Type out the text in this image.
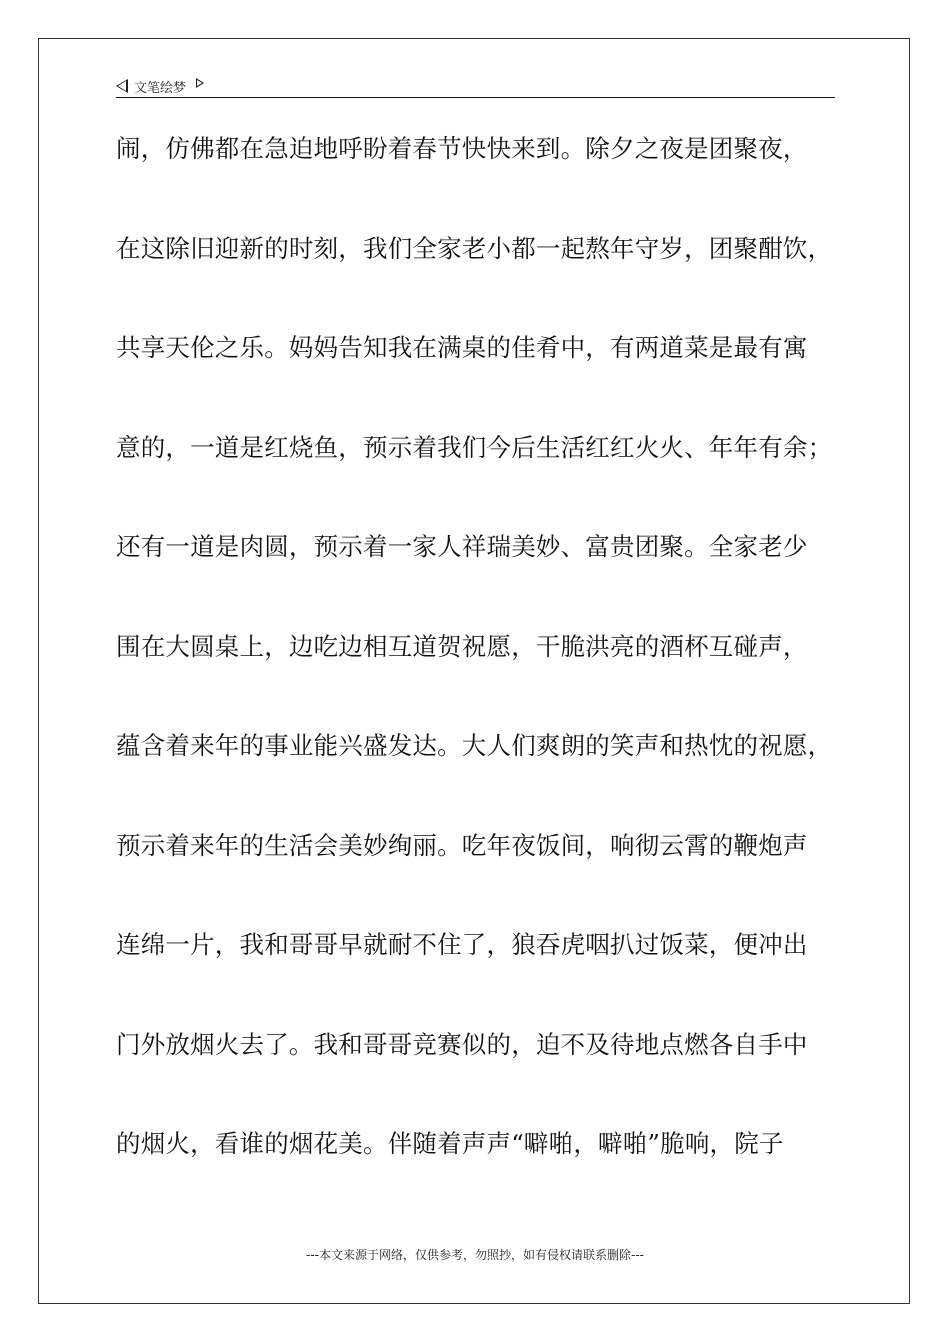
文笔绘梦
闹，仿佛都在急迫地呼盼着春节快快来到。除夕之夜是团聚夜，
在这除旧迎新的时刻，我们全家老小都一起熬年守岁，团聚酣饮，
共享天伦之乐。妈妈告知我在满桌的佳肴中，有两道菜是最有寓
意的，一道是红烧鱼，预示着我们今后生活红红火火、年年有余；
还有一道是肉圆，预示着一家人祥瑞美妙、富贵团聚。全家老少
围在大圆桌上，边吃边相互道贺祝愿，干脆洪亮的酒杯互碰声，
蕴含着来年的事业能兴盛发达。大人们爽朗的笑声和热忱的祝愿，
预示着来年的生活会美妙绚丽。吃年夜饭间，响彻云霄的鞭炮声
连绵一片，我和哥哥早就耐不住了，狼吞虎咽扒过饭菜，便冲出
门外放烟火去了。我和哥哥竞赛似的，迫不及待地点燃各自手中
的烟火，看谁的烟花美。伴随着声声“噼啪，噼啪”脆响，院子
---本文来源于网络，仅供参考，勿照抄，如有侵权请联系删除---
